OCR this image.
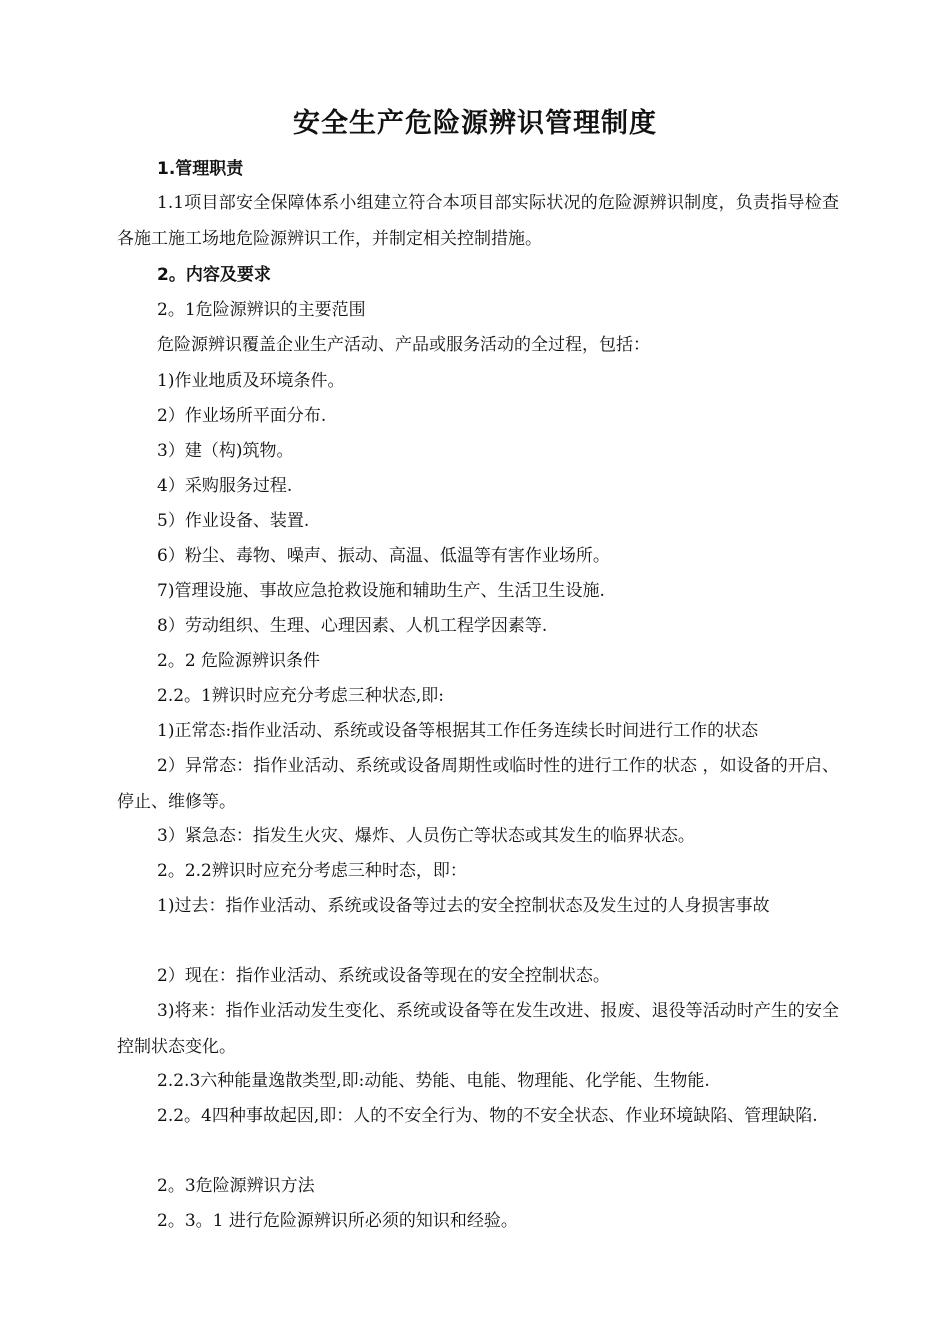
安全生产危险源辨识管理制度
1.管理职责
1.1项目部安全保障体系小组建立符合本项目部实际状况的危险源辨识制度，负责指导检查各施工施工场地危险源辨识工作，并制定相关控制措施。
2。内容及要求
2。1危险源辨识的主要范围
危险源辨识覆盖企业生产活动、产品或服务活动的全过程，包括：
1)作业地质及环境条件。
2）作业场所平面分布.
3）建（构)筑物。
4）采购服务过程.
5）作业设备、装置.
6）粉尘、毒物、噪声、振动、高温、低温等有害作业场所。
7)管理设施、事故应急抢救设施和辅助生产、生活卫生设施.
8）劳动组织、生理、心理因素、人机工程学因素等.
2。2 危险源辨识条件
2.2。1辨识时应充分考虑三种状态,即:
1)正常态:指作业活动、系统或设备等根据其工作任务连续长时间进行工作的状态
2）异常态：指作业活动、系统或设备周期性或临时性的进行工作的状态 ，如设备的开启、停止、维修等。
3）紧急态：指发生火灾、爆炸、人员伤亡等状态或其发生的临界状态。
2。2.2辨识时应充分考虑三种时态，即：
1)过去：指作业活动、系统或设备等过去的安全控制状态及发生过的人身损害事故
2）现在：指作业活动、系统或设备等现在的安全控制状态。
3)将来：指作业活动发生变化、系统或设备等在发生改进、报废、退役等活动时产生的安全控制状态变化。
2.2.3六种能量逸散类型,即:动能、势能、电能、物理能、化学能、生物能.
2.2。4四种事故起因,即：人的不安全行为、物的不安全状态、作业环境缺陷、管理缺陷.
2。3危险源辨识方法
2。3。1 进行危险源辨识所必须的知识和经验。
